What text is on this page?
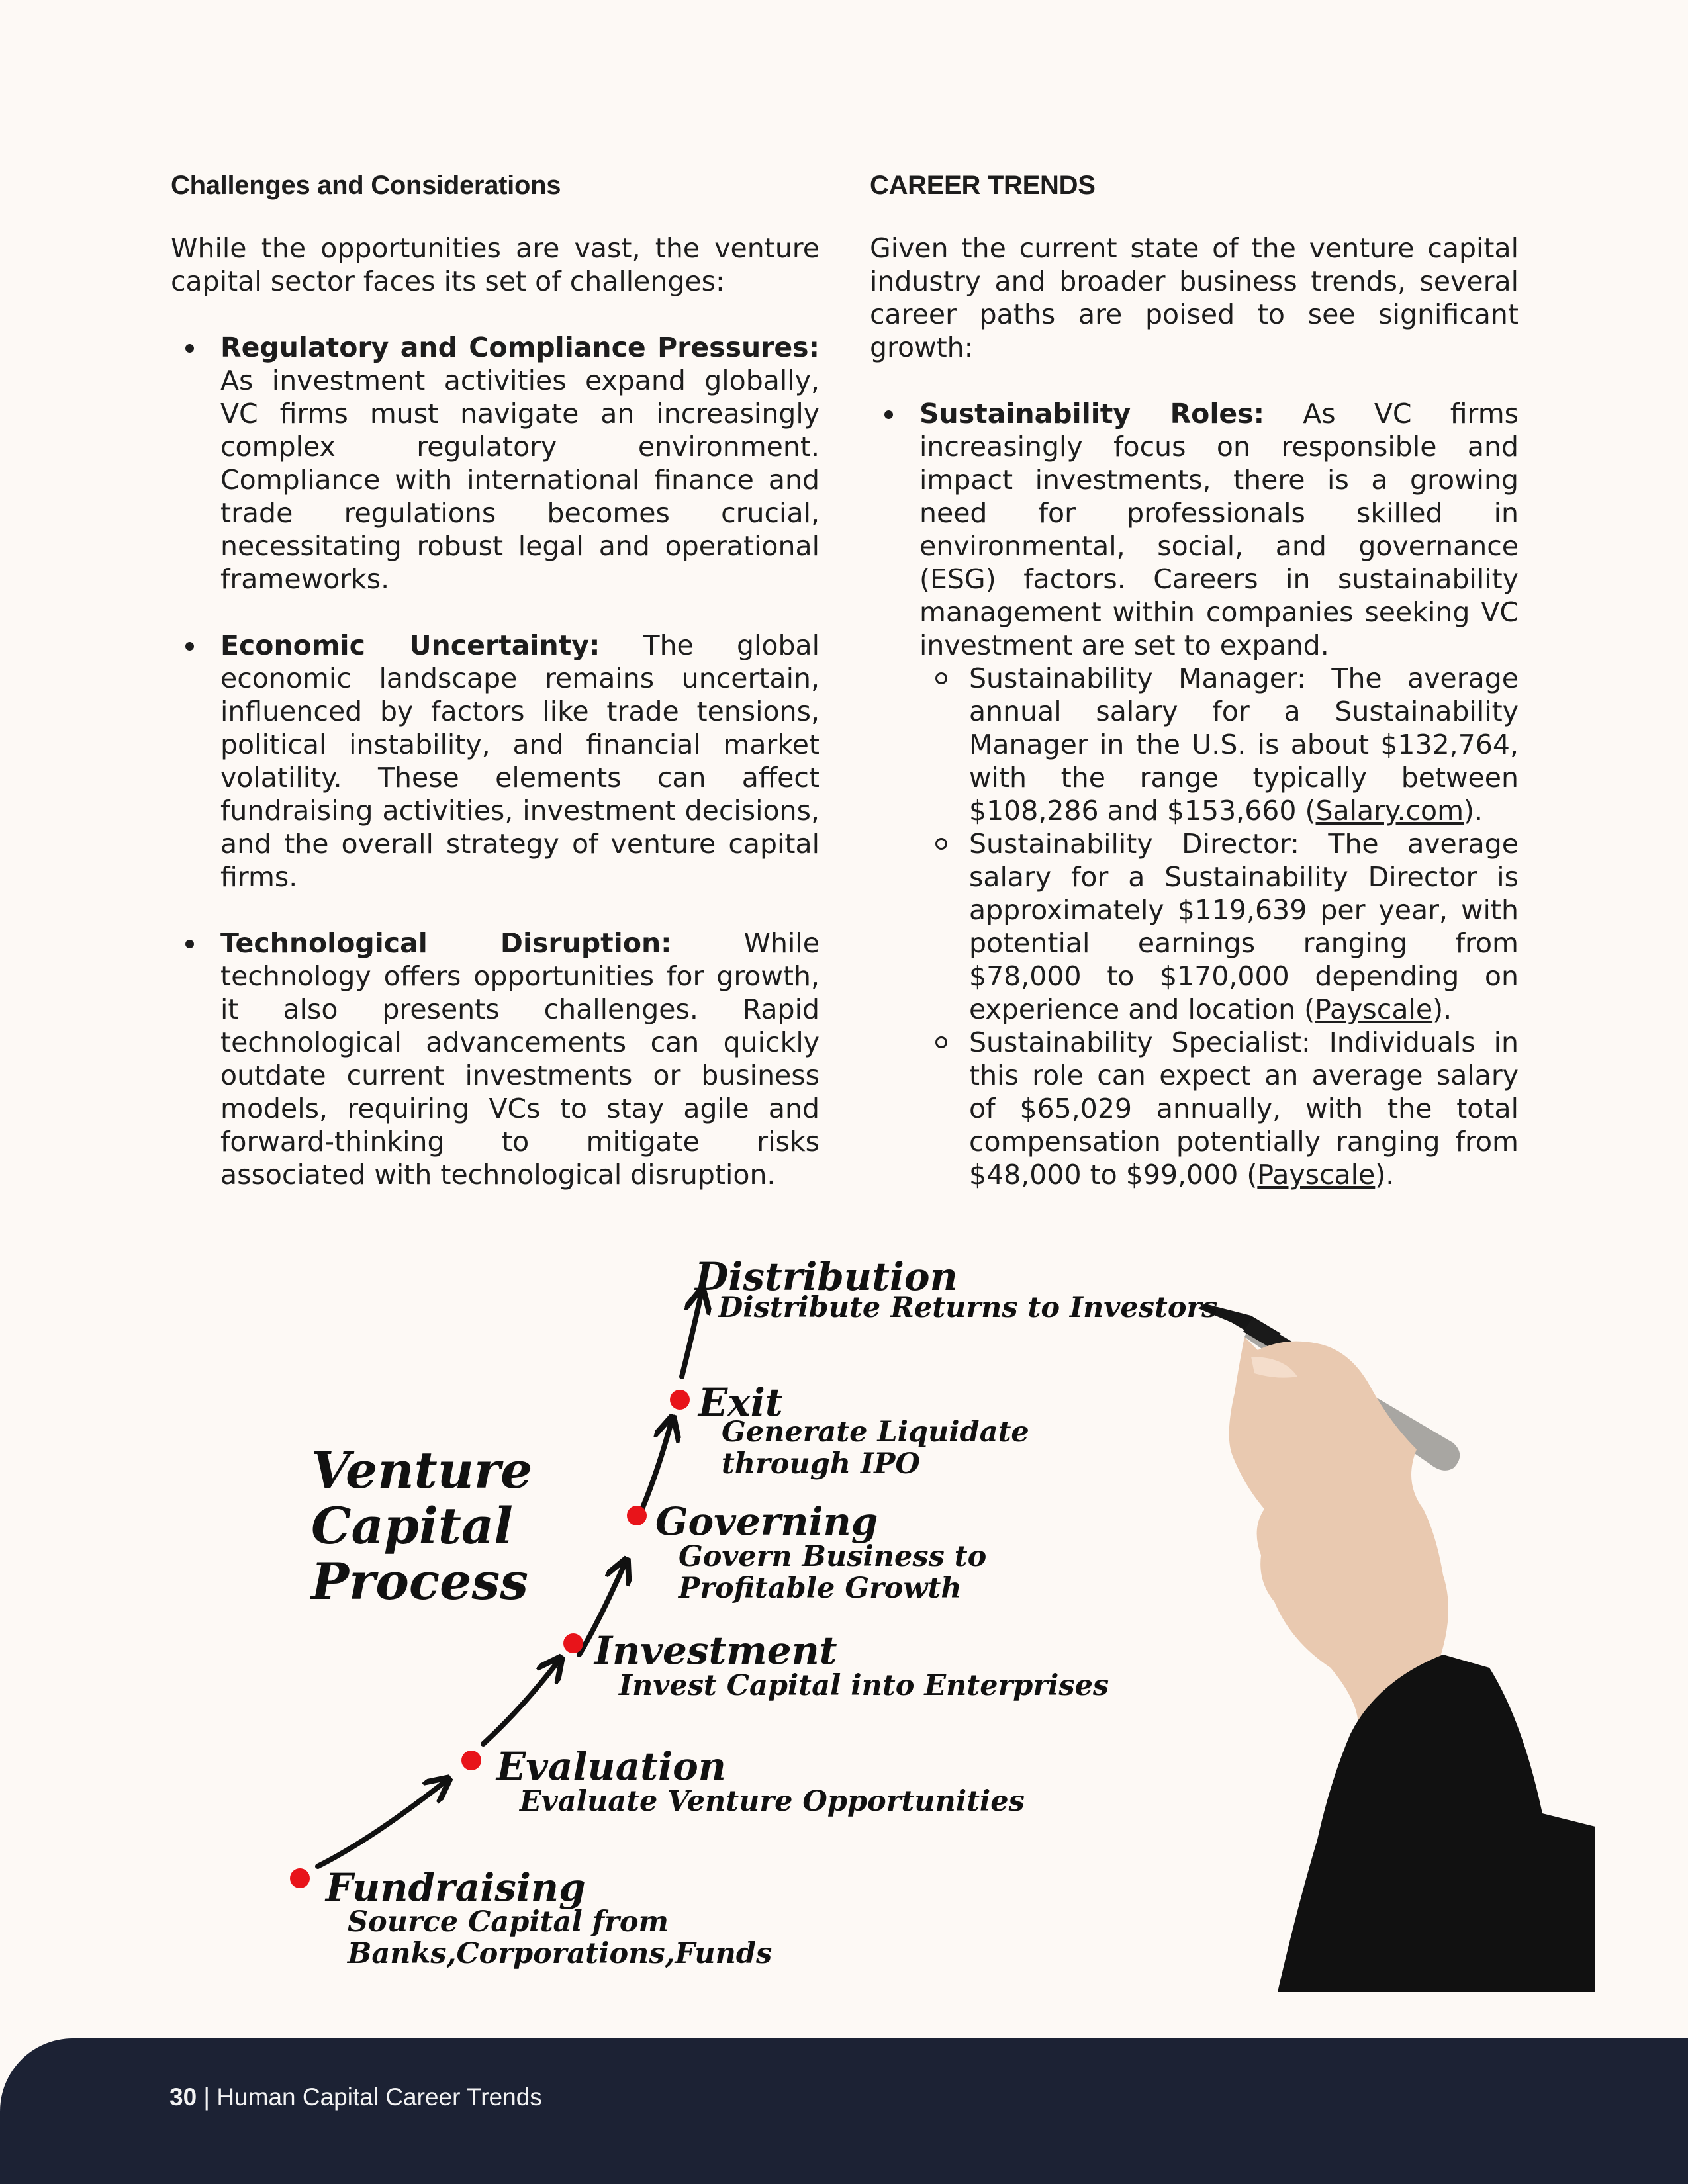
Challenges and Considerations

While the opportunities are vast, the venture capital sector faces its set of challenges:

Regulatory and Compliance Pressures: As investment activities expand globally, VC firms must navigate an increasingly complex regulatory environment. Compliance with international finance and trade regulations becomes crucial, necessitating robust legal and operational frameworks.
Economic Uncertainty: The global economic landscape remains uncertain, influenced by factors like trade tensions, political instability, and financial market volatility. These elements can affect fundraising activities, investment decisions, and the overall strategy of venture capital firms.
Technological Disruption: While technology offers opportunities for growth, it also presents challenges. Rapid technological advancements can quickly outdate current investments or business models, requiring VCs to stay agile and forward-thinking to mitigate risks associated with technological disruption.
CAREER TRENDS

Given the current state of the venture capital industry and broader business trends, several career paths are poised to see significant growth:

Sustainability Roles: As VC firms increasingly focus on responsible and impact investments, there is a growing need for professionals skilled in environmental, social, and governance (ESG) factors. Careers in sustainability management within companies seeking VC investment are set to expand.
Sustainability Manager: The average annual salary for a Sustainability Manager in the U.S. is about $132,764, with the range typically between $108,286 and $153,660 (Salary.com).
Sustainability Director: The average salary for a Sustainability Director is approximately $119,639 per year, with potential earnings ranging from $78,000 to $170,000 depending on experience and location (Payscale).
Sustainability Specialist: Individuals in this role can expect an average salary of $65,029 annually, with the total compensation potentially ranging from $48,000 to $99,000 (Payscale).
Venture
Capital
Process
Fundraising
Source Capital from
Banks,Corporations,Funds
Evaluation
Evaluate Venture Opportunities
Investment
Invest Capital into Enterprises
Governing
Govern Business to
Profitable Growth
Exit
Generate Liquidate
through IPO
Distribution
Distribute Returns to Investors
30 | Human Capital Career Trends
